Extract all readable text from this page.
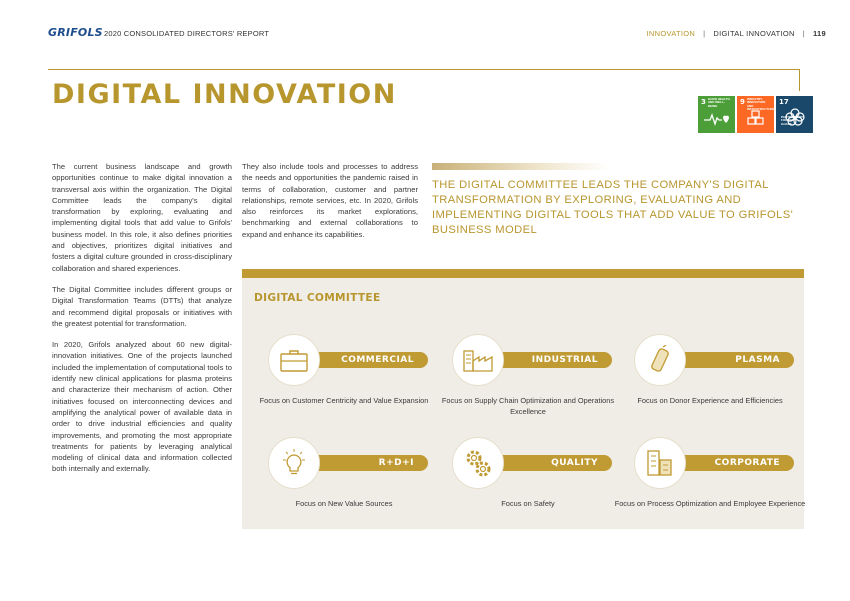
GRIFOLS 2020 CONSOLIDATED DIRECTORS' REPORT	INNOVATION | DIGITAL INNOVATION | 119
DIGITAL INNOVATION	$^3$ GOOD HEALTH AND WELL-BEING	$^9$ INDUSTRY, INNOVATION AND INFRASTRUCTURE
$^{17}$PARTNERSHIPS FOR THE GOALS

The current business landscape and growth opportunities continue to make digital innovation a transversal axis within the organization. The Digital Committee leads the company's digital transformation by exploring, evaluating and implementing digital tools that add value to Grifols' business model. In this role, it also defines priorities and objectives, prioritizes digital initiatives and fosters a digital culture grounded in cross-disciplinary collaboration and shared experiences.

The Digital Committee includes different groups or Digital Transformation Teams (DTTs) that analyze and recommend digital proposals or initiatives with the greatest potential for transformation.

In 2020, Grifols analyzed about 60 new digital-innovation initiatives. One of the projects launched included the implementation of computational tools to identify new clinical applications for plasma proteins and characterize their mechanism of action. Other initiatives focused on interconnecting devices and amplifying the analytical power of available data in order to drive industrial efficiencies and quality improvements, and promoting the most appropriate treatments for patients by leveraging analytical modeling of clinical data and information collected both internally and externally.

They also include tools and processes to address the needs and opportunities the pandemic raised in terms of collaboration, customer and partner relationships, remote services, etc. In 2020, Grifols also reinforces its market explorations, benchmarking and external collaborations to expand and enhance its capabilities.

THE DIGITAL COMMITTEE LEADS THE COMPANY'S DIGITAL TRANSFORMATION BY EXPLORING, EVALUATING AND IMPLEMENTING DIGITAL TOOLS THAT ADD VALUE TO GRIFOLS' BUSINESS MODEL
DIGITAL COMMITTEE
COMMERCIAL
Focus on Customer Centricity and Value Expansion
INDUSTRIAL
Focus on Supply Chain Optimization and Operations Excellence
PLASMA
Focus on Donor Experience and Efficiencies
R+D+I
Focus on New Value Sources
QUALITY
Focus on Safety
CORPORATE
Focus on Process Optimization and Employee Experience
